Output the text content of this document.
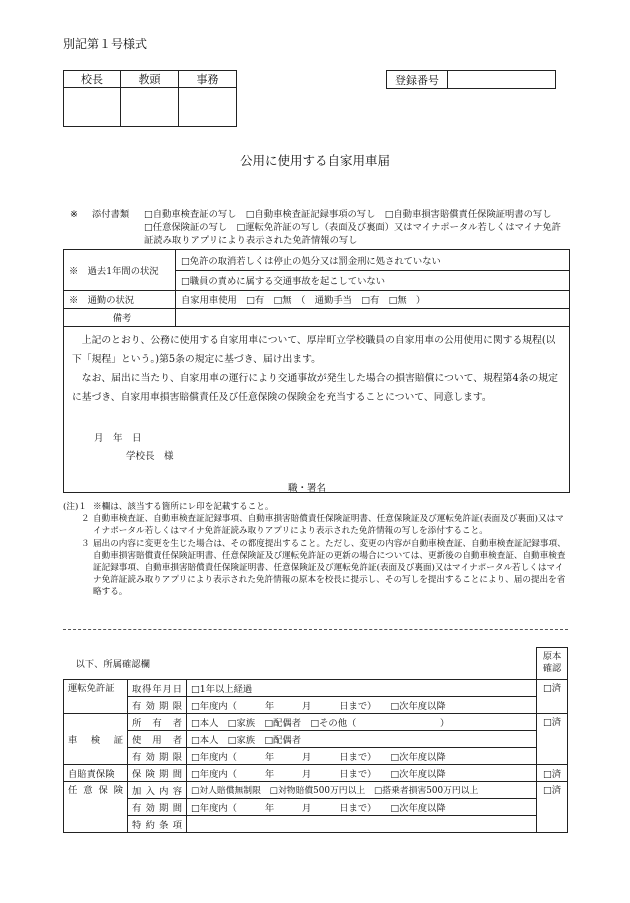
別記第１号様式
校長	教頭	事務
			登録番号	
公用に使用する自家用車届
※ 添付書類 □自動車検査証の写し　□自動車検査証記録事項の写し　□自動車損害賠償責任保険証明書の写し　□任意保険証の写し　□運転免許証の写し（表面及び裏面）又はマイナポータル若しくはマイナ免許証読み取りアプリにより表示された免許情報の写し
※　過去1年間の状況	□免許の取消若しくは停止の処分又は罰金刑に処されていない
	□職員の責めに属する交通事故を起こしていない
※　通勤の状況	自家用車使用　□有　□無　（　通勤手当　□有　□無　）
備考	

上記のとおり、公務に使用する自家用車について、厚岸町立学校職員の自家用車の公用使用に関する規程(以下「規程」という。)第5条の規定に基づき、届け出ます。

なお、届出に当たり、自家用車の運行により交通事故が発生した場合の損害賠償について、規程第4条の規定に基づき、自家用車損害賠償責任及び任意保険の保険金を充当することについて、同意します。

月　年　日
学校長　様
職・署名

(注)１ ※欄は、該当する箇所にレ印を記載すること。

２ 自動車検査証、自動車検査証記録事項、自動車損害賠償責任保険証明書、任意保険証及び運転免許証(表面及び裏面)又はマイナポータル若しくはマイナ免許証読み取りアプリにより表示された免許情報の写しを添付すること。

３ 届出の内容に変更を生じた場合は、その都度提出すること。ただし、変更の内容が自動車検査証、自動車検査証記録事項、自動車損害賠償責任保険証明書、任意保険証及び運転免許証の更新の場合については、更新後の自動車検査証、自動車検査証記録事項、自動車損害賠償責任保険証明書、任意保険証及び運転免許証(表面及び裏面)又はマイナポータル若しくはマイナ免許証読み取りアプリにより表示された免許情報の原本を校長に提示し、その写しを提出することにより、届の提出を省略する。

以下、所属確認欄			原本確認
運転免許証	取得年月日	□1年以上経過	□済
	有効期限	□年度内（　　　年　　　月　　　日まで）　　□次年度以降	
車検証	所有者	□本人　□家族　□配偶者　□その他（　　　　　　　　　）	□済
	使用者	□本人　□家族　□配偶者	
	有効期限	□年度内（　　　年　　　月　　　日まで）　　□次年度以降	
自賠責保険	保険期間	□年度内（　　　年　　　月　　　日まで）　　□次年度以降	□済
任意保険	加入内容	□対人賠償無制限　□対物賠償500万円以上　□搭乗者損害500万円以上	□済
	有効期間	□年度内（　　　年　　　月　　　日まで）　　□次年度以降	
	特約条項		
